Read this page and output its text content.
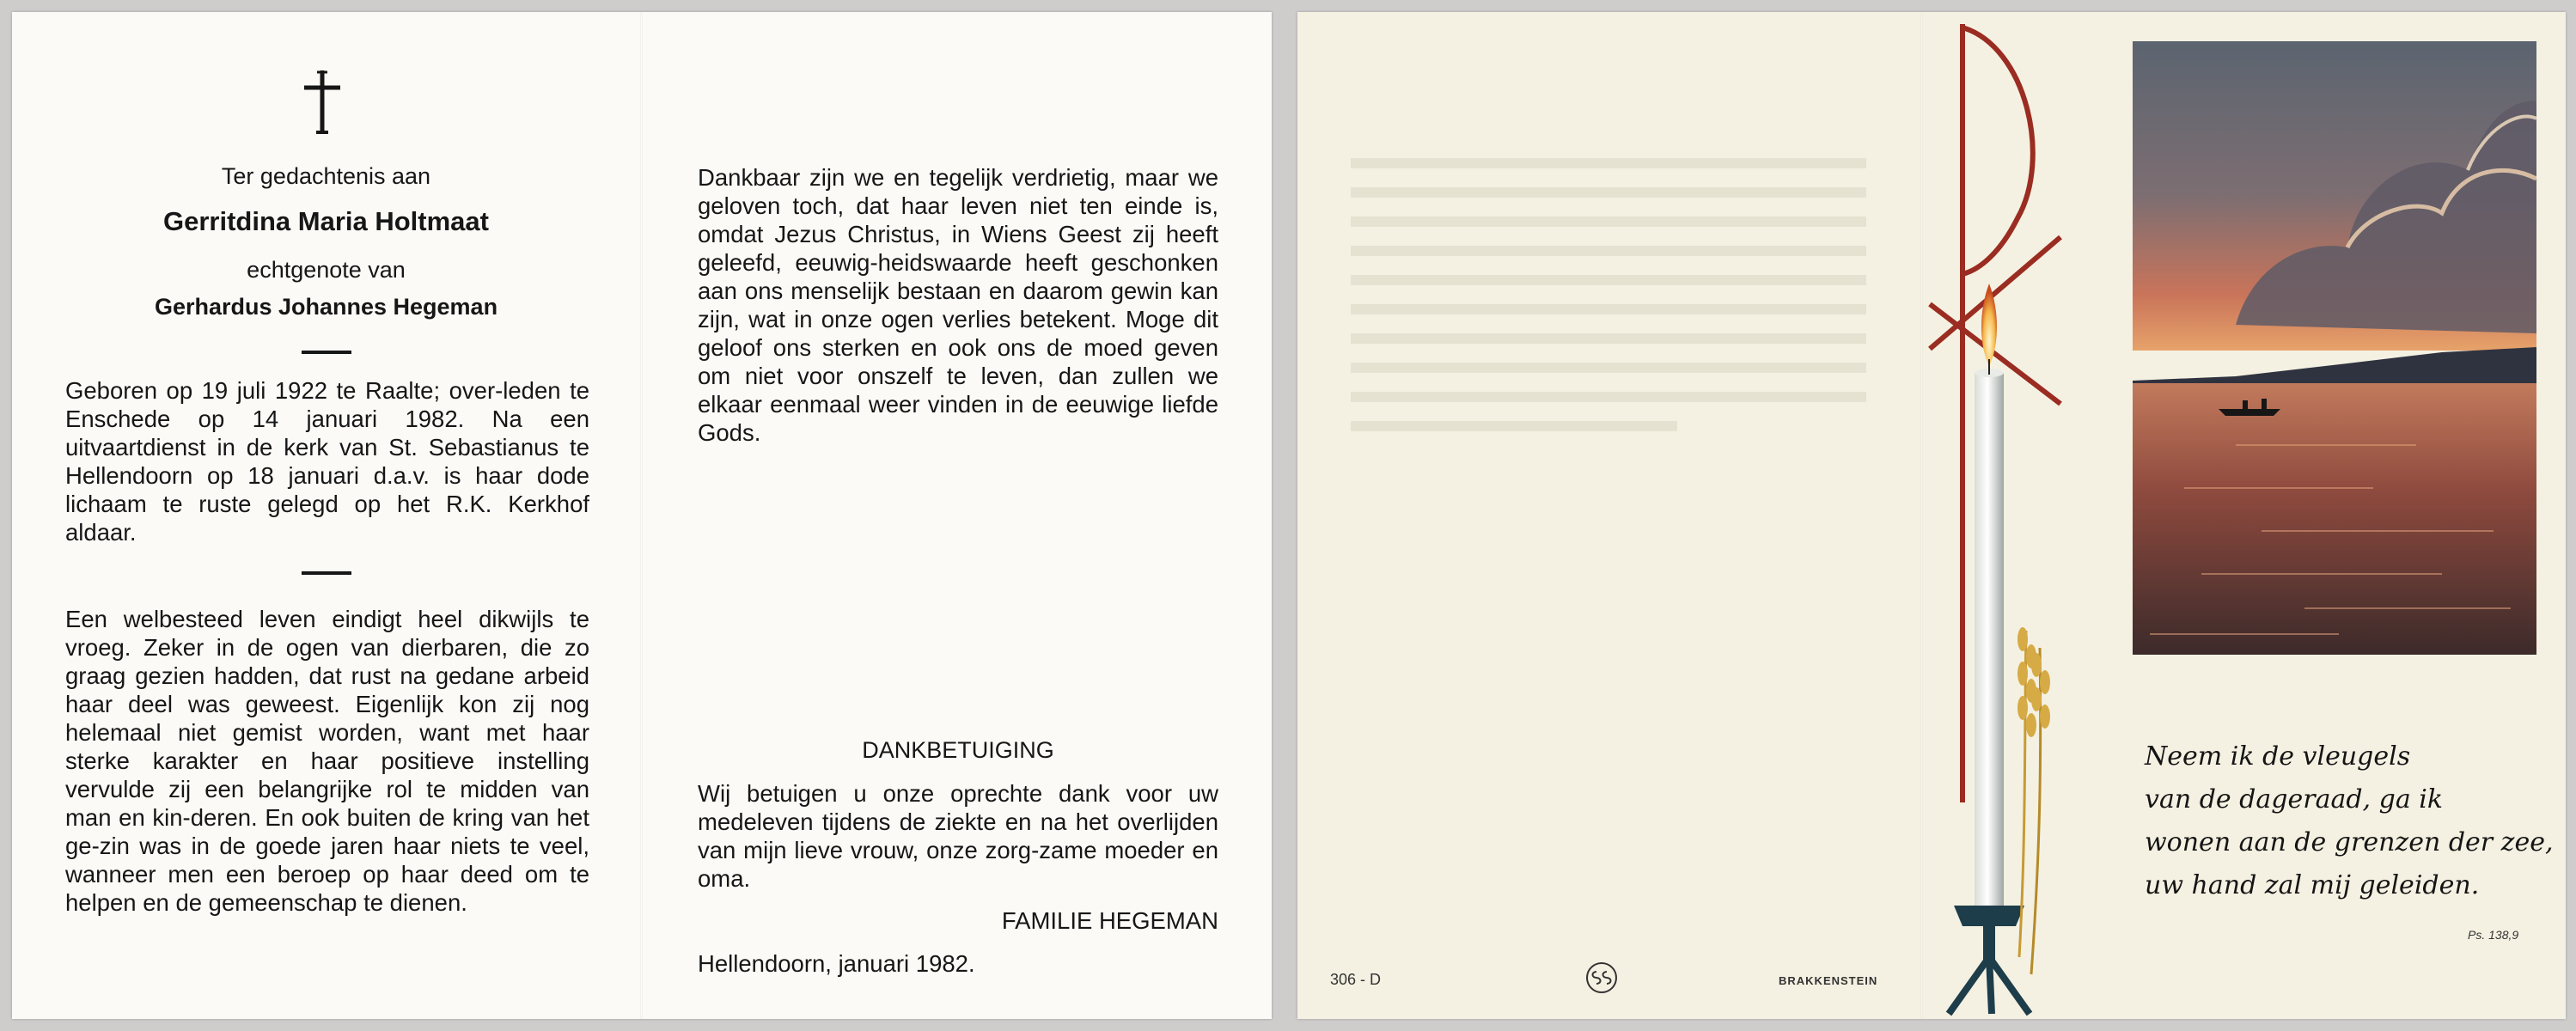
Ter gedachtenis aan
Gerritdina Maria Holtmaat
echtgenote van
Gerhardus Johannes Hegeman

Geboren op 19 juli 1922 te Raalte; over-leden te Enschede op 14 januari 1982. Na een uitvaartdienst in de kerk van St. Sebastianus te Hellendoorn op 18 januari d.a.v. is haar dode lichaam te ruste gelegd op het R.K. Kerkhof aldaar.

Een welbesteed leven eindigt heel dikwijls te vroeg. Zeker in de ogen van dierbaren, die zo graag gezien hadden, dat rust na gedane arbeid haar deel was geweest. Eigenlijk kon zij nog helemaal niet gemist worden, want met haar sterke karakter en haar positieve instelling vervulde zij een belangrijke rol te midden van man en kin-deren. En ook buiten de kring van het ge-zin was in de goede jaren haar niets te veel, wanneer men een beroep op haar deed om te helpen en de gemeenschap te dienen.

Dankbaar zijn we en tegelijk verdrietig, maar we geloven toch, dat haar leven niet ten einde is, omdat Jezus Christus, in Wiens Geest zij heeft geleefd, eeuwig-heidswaarde heeft geschonken aan ons menselijk bestaan en daarom gewin kan zijn, wat in onze ogen verlies betekent. Moge dit geloof ons sterken en ook ons de moed geven om niet voor onszelf te leven, dan zullen we elkaar eenmaal weer vinden in de eeuwige liefde Gods.

DANKBETUIGING

Wij betuigen u onze oprechte dank voor uw medeleven tijdens de ziekte en na het overlijden van mijn lieve vrouw, onze zorg-zame moeder en oma.

FAMILIE HEGEMAN
Hellendoorn, januari 1982.
306 - D	BRAKKENSTEIN
Neem ik de vleugels
van de dageraad, ga ik
wonen aan de grenzen der zee,
uw hand zal mij geleiden.
Ps. 138,9
